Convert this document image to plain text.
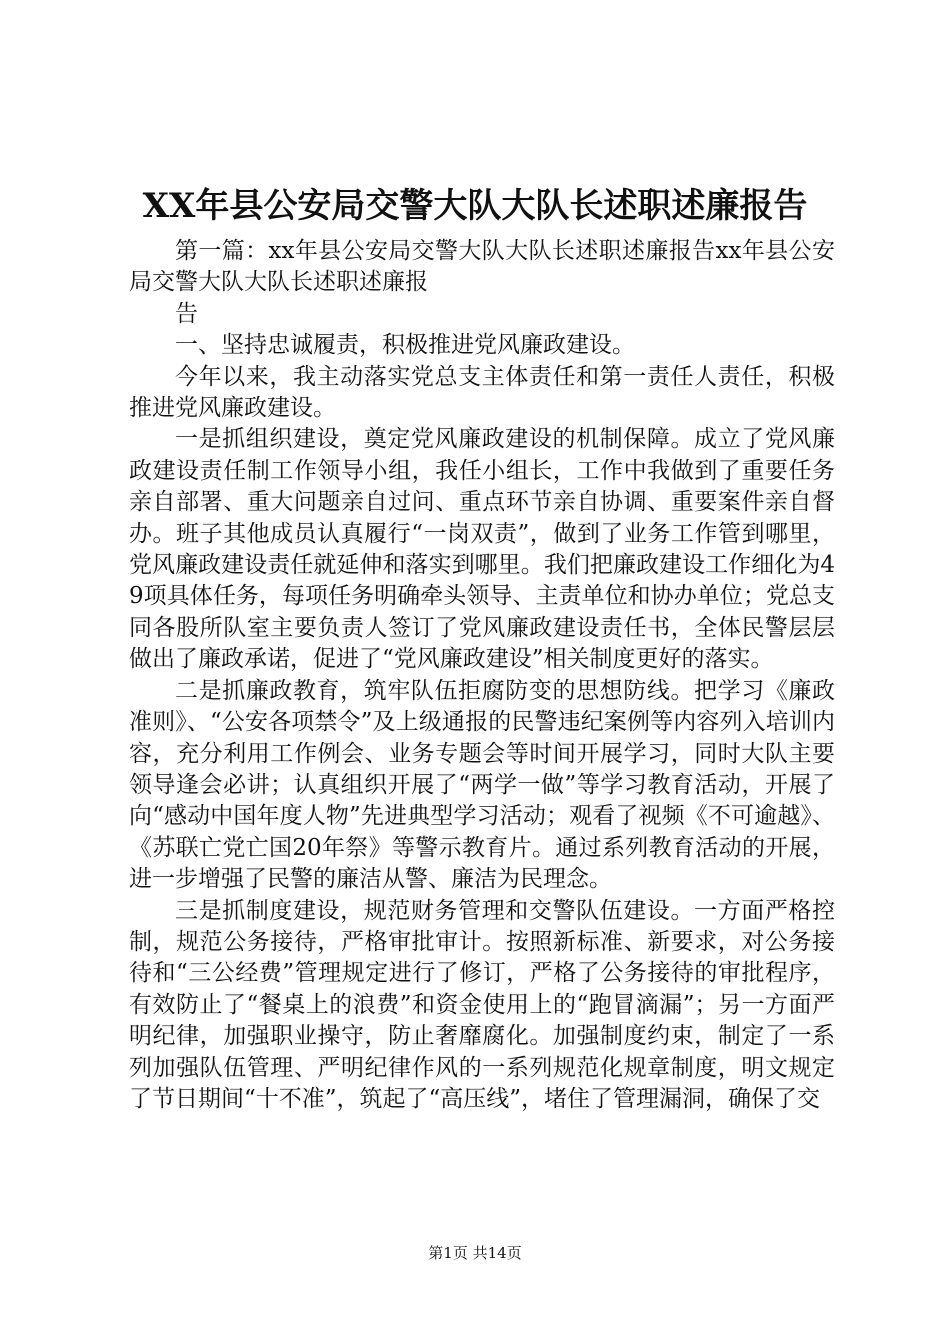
XX年县公安局交警大队大队长述职述廉报告

第一篇：xx年县公安局交警大队大队长述职述廉报告xx年县公安局交警大队大队长述职述廉报

告

一、坚持忠诚履责，积极推进党风廉政建设。

今年以来，我主动落实党总支主体责任和第一责任人责任，积极推进党风廉政建设。

一是抓组织建设，奠定党风廉政建设的机制保障。成立了党风廉政建设责任制工作领导小组，我任小组长，工作中我做到了重要任务亲自部署、重大问题亲自过问、重点环节亲自协调、重要案件亲自督办。班子其他成员认真履行“一岗双责”，做到了业务工作管到哪里，党风廉政建设责任就延伸和落实到哪里。我们把廉政建设工作细化为49项具体任务，每项任务明确牵头领导、主责单位和协办单位；党总支同各股所队室主要负责人签订了党风廉政建设责任书，全体民警层层做出了廉政承诺，促进了“党风廉政建设”相关制度更好的落实。

二是抓廉政教育，筑牢队伍拒腐防变的思想防线。把学习《廉政准则》、“公安各项禁令”及上级通报的民警违纪案例等内容列入培训内容，充分利用工作例会、业务专题会等时间开展学习，同时大队主要领导逢会必讲；认真组织开展了“两学一做”等学习教育活动，开展了向“感动中国年度人物”先进典型学习活动；观看了视频《不可逾越》、《苏联亡党亡国20年祭》等警示教育片。通过系列教育活动的开展，进一步增强了民警的廉洁从警、廉洁为民理念。

三是抓制度建设，规范财务管理和交警队伍建设。一方面严格控制，规范公务接待，严格审批审计。按照新标准、新要求，对公务接待和“三公经费”管理规定进行了修订，严格了公务接待的审批程序，有效防止了“餐桌上的浪费”和资金使用上的“跑冒滴漏”；另一方面严明纪律，加强职业操守，防止奢靡腐化。加强制度约束，制定了一系列加强队伍管理、严明纪律作风的一系列规范化规章制度，明文规定了节日期间“十不准”，筑起了“高压线”，堵住了管理漏洞，确保了交

第1页 共14页
